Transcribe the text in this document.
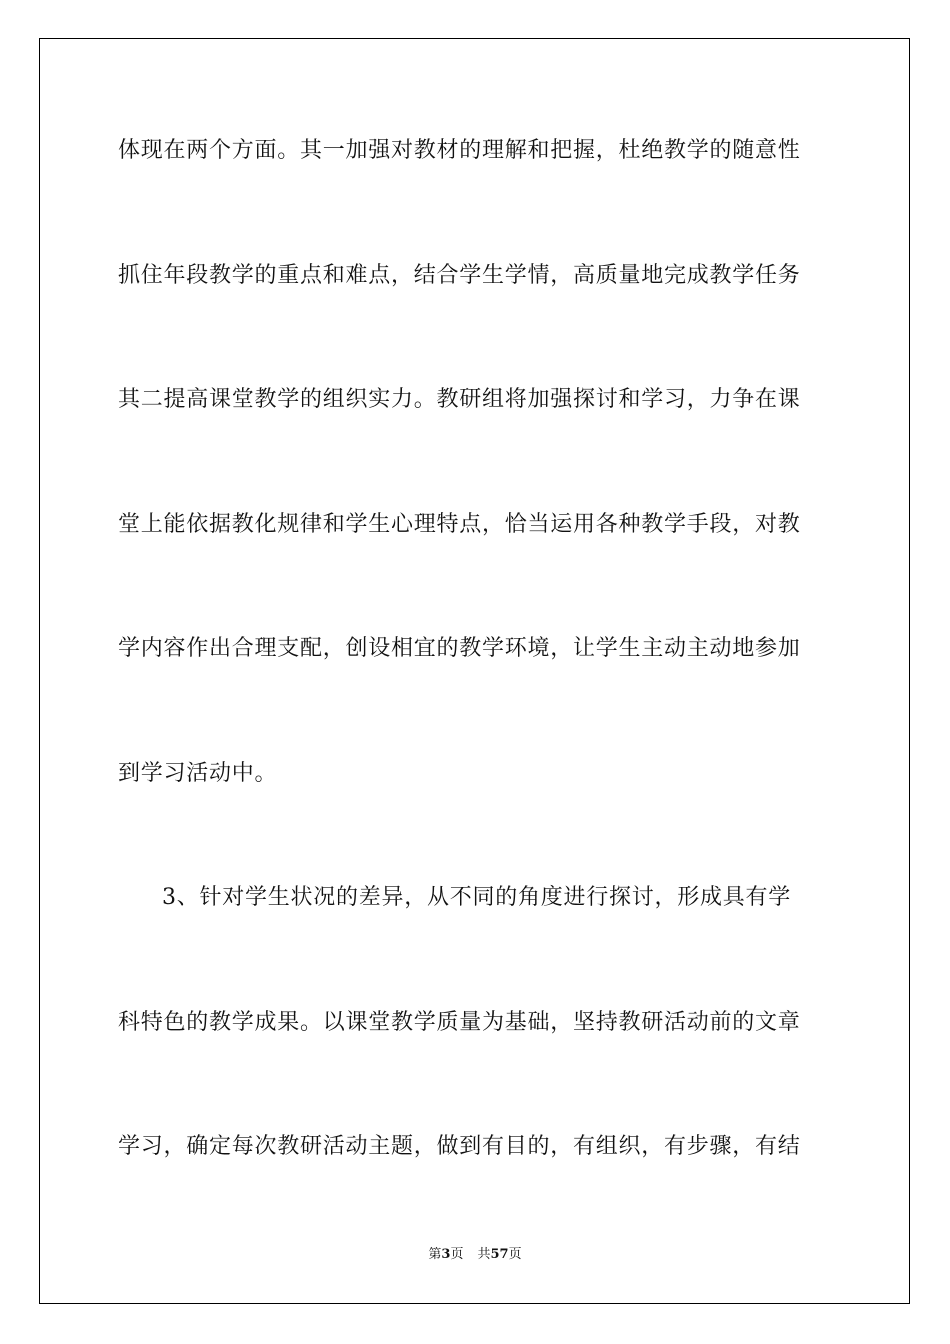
体现在两个方面。其一加强对教材的理解和把握，杜绝教学的随意性
抓住年段教学的重点和难点，结合学生学情，高质量地完成教学任务
其二提高课堂教学的组织实力。教研组将加强探讨和学习，力争在课
堂上能依据教化规律和学生心理特点，恰当运用各种教学手段，对教
学内容作出合理支配，创设相宜的教学环境，让学生主动主动地参加
到学习活动中。
3、针对学生状况的差异，从不同的角度进行探讨，形成具有学
科特色的教学成果。以课堂教学质量为基础，坚持教研活动前的文章
学习，确定每次教研活动主题，做到有目的，有组织，有步骤，有结
第3页 共57页
